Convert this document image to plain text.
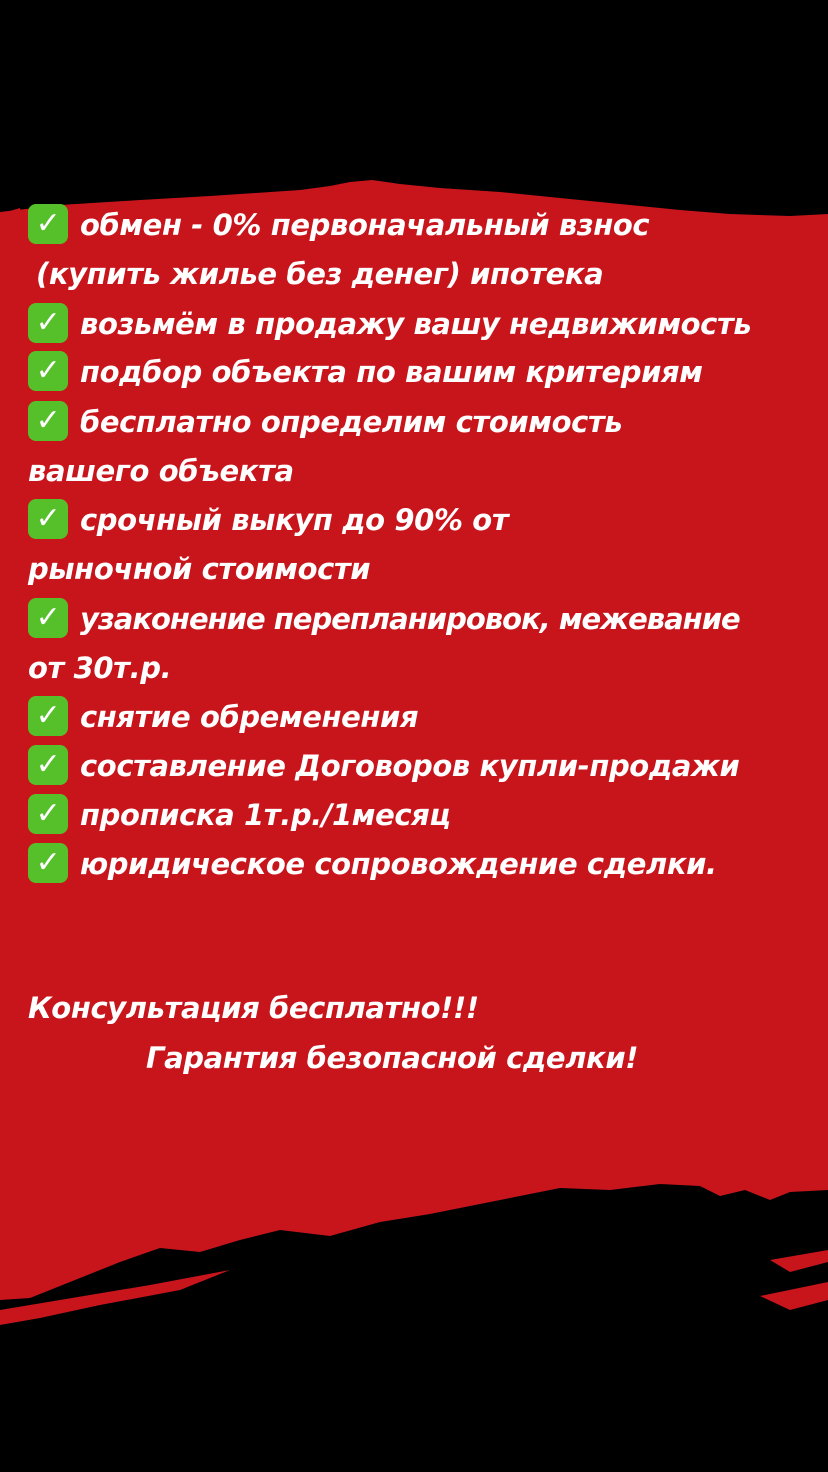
✓ обмен - 0% первоначальный взнос
(купить жилье без денег) ипотека
✓ возьмём в продажу вашу недвижимость
✓ подбор объекта по вашим критериям
✓ бесплатно определим стоимость
вашего объекта
✓ срочный выкуп до 90% от
рыночной стоимости
✓ узаконение перепланировок, межевание
от 30т.р.
✓ снятие обременения
✓ составление Договоров купли-продажи
✓ прописка 1т.р./1месяц
✓ юридическое сопровождение сделки.
Консультация бесплатно!!!
Гарантия безопасной сделки!
